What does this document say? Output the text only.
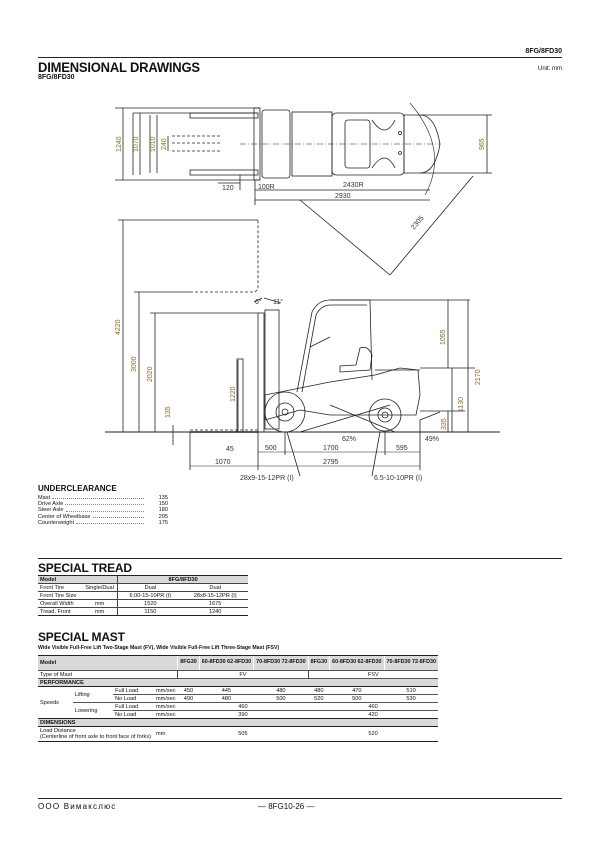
8FG/8FD30
DIMENSIONAL DRAWINGS
8FG/8FD30
Unit: mm
1240 1070 1010 240
120	100R	2430R
2930
965
2305
4220
3000
2020
1220
135
6° 11°
1055
2170
1130
335
62%	49%
45	500	1700	595
1070	2795
28x9-15-12PR (I)	6.5-10-10PR (I)
UNDERCLEARANCE
Mast	135
Drive Axle	150
Steer Axle	180
Center of Wheelbase	205
Counterweight	175
SPECIAL TREAD
Model		8FG/8FD30	
Front Tire	Single/Dual	Dual	Dual
Front Tire Size		6.00-15-10PR (I)	28x8-15-12PR (I)
Overall Width	mm	1520	1675
Tread, Front	mm	1150	1240
SPECIAL MAST
Wide Visible Full-Free Lift Two-Stage Mast (FV), Wide Visible Full-Free Lift Three-Stage Mast (FSV)
Model				8FG30	60-8FD30 62-8FD30	70-8FD30 72-8FD30	8FG30	60-8FD30 62-8FD30	70-8FD30 72-8FD30
Type of Mast				FV			FSV		
PERFORMANCE									
Speeds	Lifting	Full Load	mm/sec	450	445	480	480	470	510
		No Load	mm/sec	490	480	500	520	500	530
	Lowering	Full Load	mm/sec	460			460		
		No Load	mm/sec	390			420		
DIMENSIONS									

Load Distance
(Centerline of front axle to front face of forks)			mm	505			520		
ООО Вимакслюс	— 8FG10-26 —
